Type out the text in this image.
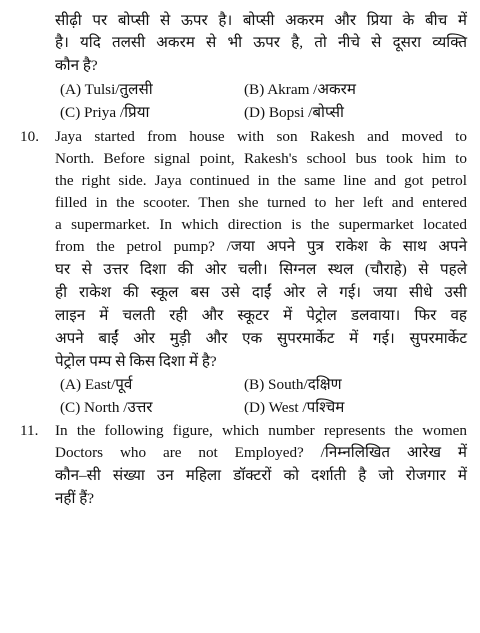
सीढ़ी पर बोप्सी से ऊपर है। बोप्सी अकरम और प्रिया के बीच में
है। यदि तलसी अकरम से भी ऊपर है, तो नीचे से दूसरा व्यक्ति
कौन है?
(A) Tulsi/तुलसी	(B) Akram /अकरम
(C) Priya /प्रिया	(D) Bopsi /बोप्सी
10. Jaya started from house with son Rakesh and moved to
North. Before signal point, Rakesh's school bus took him to
the right side. Jaya continued in the same line and got petrol
filled in the scooter. Then she turned to her left and entered
a supermarket. In which direction is the supermarket located
from the petrol pump? /जया अपने पुत्र राकेश के साथ अपने
घर से उत्तर दिशा की ओर चली। सिग्नल स्थल (चौराहे) से पहले
ही राकेश की स्कूल बस उसे दाईं ओर ले गई। जया सीधे उसी
लाइन में चलती रही और स्कूटर में पेट्रोल डलवाया। फिर वह
अपने बाईं ओर मुड़ी और एक सुपरमार्केट में गई। सुपरमार्केट
पेट्रोल पम्प से किस दिशा में है?
(A) East/पूर्व	(B) South/दक्षिण
(C) North /उत्तर	(D) West /पश्चिम
11. In the following figure, which number represents the women
Doctors who are not Employed? /निम्नलिखित आरेख में
कौन–सी संख्या उन महिला डॉक्टरों को दर्शाती है जो रोजगार में
नहीं हैं?
